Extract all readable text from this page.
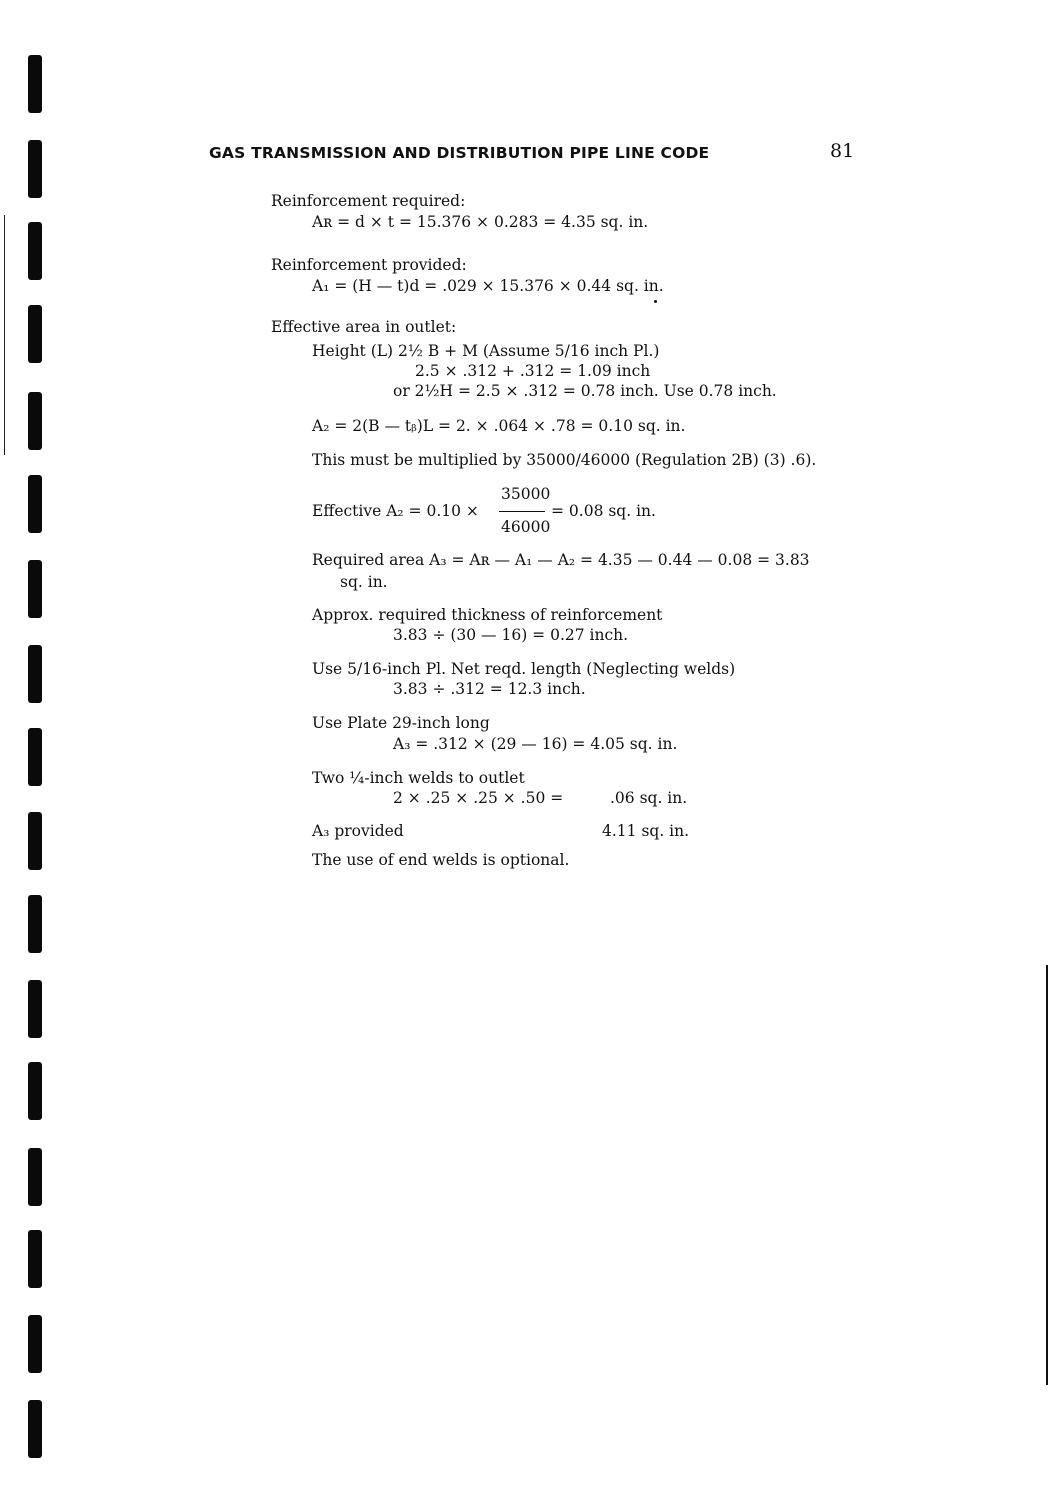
GAS TRANSMISSION AND DISTRIBUTION PIPE LINE CODE	81
Reinforcement required:
Aʀ = d × t = 15.376 × 0.283 = 4.35 sq. in.
Reinforcement provided:
A₁ = (H — t)d = .029 × 15.376 × 0.44 sq. in.
Effective area in outlet:
Height (L) 2½ B + M (Assume 5/16 inch Pl.)
2.5 × .312 + .312 = 1.09 inch
or 2½H = 2.5 × .312 = 0.78 inch. Use 0.78 inch.
A₂ = 2(B — tᵦ)L = 2. × .064 × .78 = 0.10 sq. in.
This must be multiplied by 35000/46000 (Regulation 2B) (3) .6).
35000
Effective A₂ = 0.10 ×	= 0.08 sq. in.
46000
Required area A₃ = Aʀ — A₁ — A₂ = 4.35 — 0.44 — 0.08 = 3.83
sq. in.
Approx. required thickness of reinforcement
3.83 ÷ (30 — 16) = 0.27 inch.
Use 5/16-inch Pl. Net reqd. length (Neglecting welds)
3.83 ÷ .312 = 12.3 inch.
Use Plate 29-inch long
A₃ = .312 × (29 — 16) = 4.05 sq. in.
Two ¼-inch welds to outlet
2 × .25 × .25 × .50 =	.06 sq. in.
A₃ provided	4.11 sq. in.
The use of end welds is optional.
